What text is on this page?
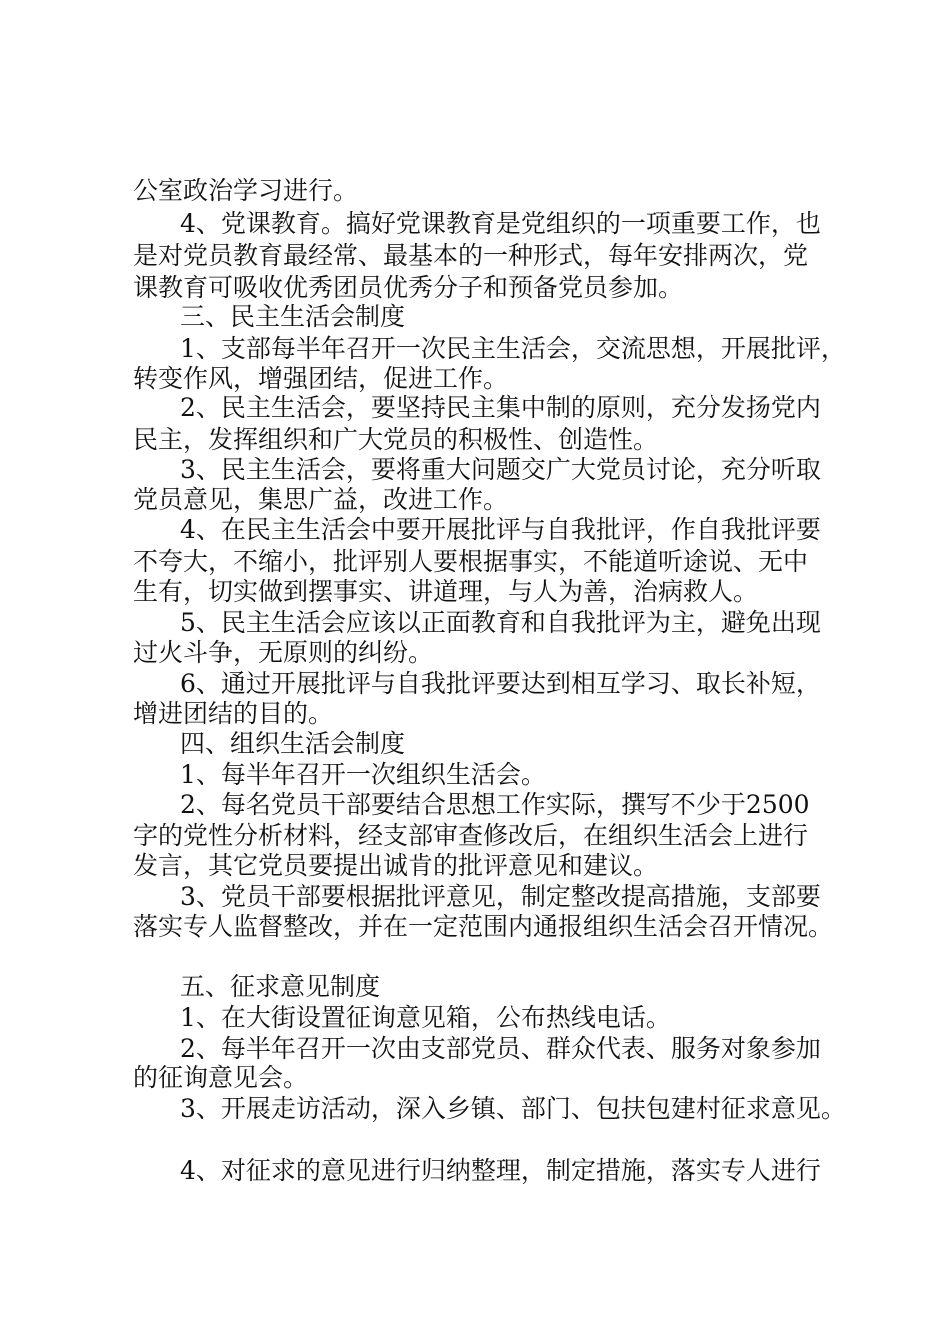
公室政治学习进行。

4、党课教育。搞好党课教育是党组织的一项重要工作，也

是对党员教育最经常、最基本的一种形式，每年安排两次，党

课教育可吸收优秀团员优秀分子和预备党员参加。

三、民主生活会制度

1、支部每半年召开一次民主生活会，交流思想，开展批评，

转变作风，增强团结，促进工作。

2、民主生活会，要坚持民主集中制的原则，充分发扬党内

民主，发挥组织和广大党员的积极性、创造性。

3、民主生活会，要将重大问题交广大党员讨论，充分听取

党员意见，集思广益，改进工作。

4、在民主生活会中要开展批评与自我批评，作自我批评要

不夸大，不缩小，批评别人要根据事实，不能道听途说、无中

生有，切实做到摆事实、讲道理，与人为善，治病救人。

5、民主生活会应该以正面教育和自我批评为主，避免出现

过火斗争，无原则的纠纷。

6、通过开展批评与自我批评要达到相互学习、取长补短，

增进团结的目的。

四、组织生活会制度

1、每半年召开一次组织生活会。

2、每名党员干部要结合思想工作实际，撰写不少于2500

字的党性分析材料，经支部审查修改后，在组织生活会上进行

发言，其它党员要提出诚肯的批评意见和建议。

3、党员干部要根据批评意见，制定整改提高措施，支部要

落实专人监督整改，并在一定范围内通报组织生活会召开情况。

五、征求意见制度

1、在大街设置征询意见箱，公布热线电话。

2、每半年召开一次由支部党员、群众代表、服务对象参加

的征询意见会。

3、开展走访活动，深入乡镇、部门、包扶包建村征求意见。

4、对征求的意见进行归纳整理，制定措施，落实专人进行
